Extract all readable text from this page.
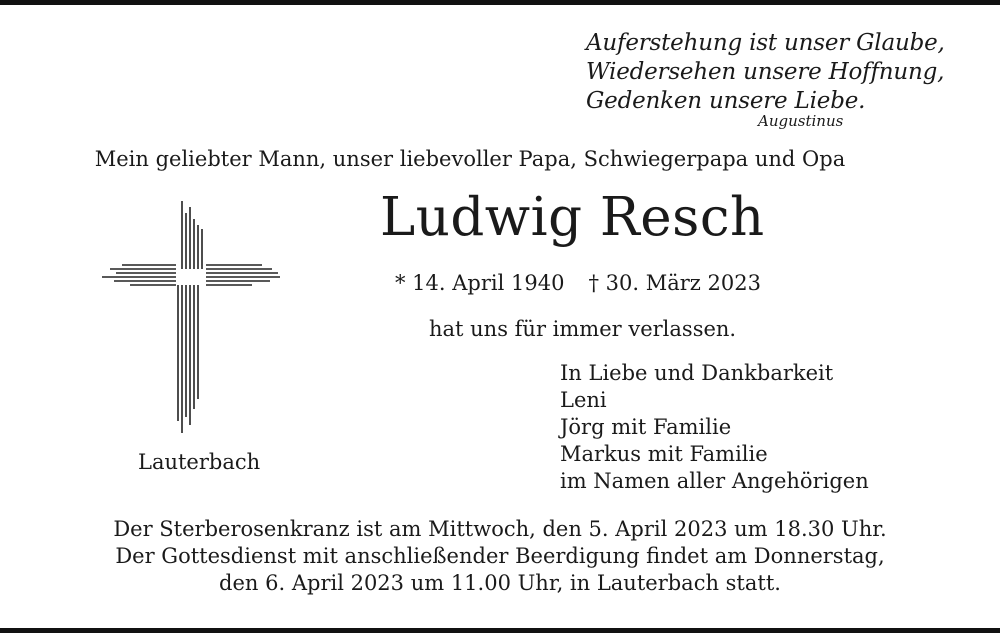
Auferstehung ist unser Glaube,
Wiedersehen unsere Hoffnung,
Gedenken unsere Liebe.
Augustinus
Mein geliebter Mann, unser liebevoller Papa, Schwiegerpapa und Opa
Ludwig Resch
* 14. April 1940 † 30. März 2023
hat uns für immer verlassen.
Lauterbach
In Liebe und Dankbarkeit
Leni
Jörg mit Familie
Markus mit Familie
im Namen aller Angehörigen
Der Sterberosenkranz ist am Mittwoch, den 5. April 2023 um 18.30 Uhr.
Der Gottesdienst mit anschließender Beerdigung findet am Donnerstag,
den 6. April 2023 um 11.00 Uhr, in Lauterbach statt.
